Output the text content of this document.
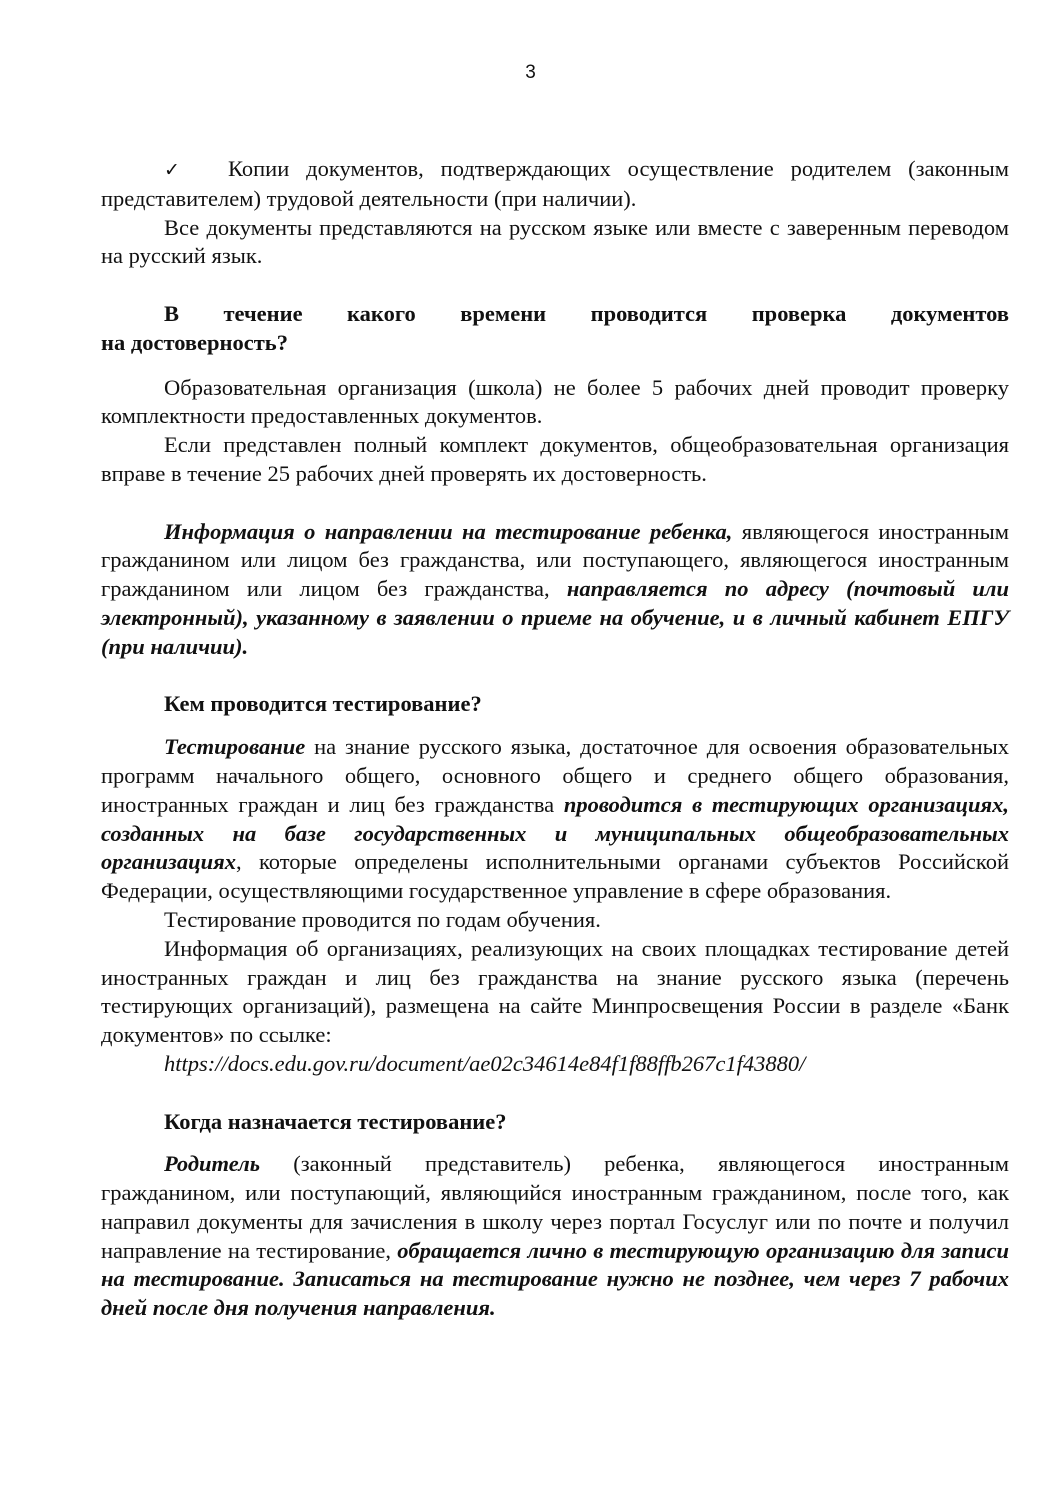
3

✓ Копии документов, подтверждающих осуществление родителем (законным представителем) трудовой деятельности (при наличии).

Все документы представляются на русском языке или вместе с заверенным переводом на русский язык.

В течение какого времени проводится проверка документов

на достоверность?

Образовательная организация (школа) не более 5 рабочих дней проводит проверку комплектности предоставленных документов.

Если представлен полный комплект документов, общеобразовательная организация вправе в течение 25 рабочих дней проверять их достоверность.

Информация о направлении на тестирование ребенка, являющегося иностранным гражданином или лицом без гражданства, или поступающего, являющегося иностранным гражданином или лицом без гражданства, направляется по адресу (почтовый или электронный), указанному в заявлении о приеме на обучение, и в личный кабинет ЕПГУ (при наличии).

Кем проводится тестирование?

Тестирование на знание русского языка, достаточное для освоения образовательных программ начального общего, основного общего и среднего общего образования, иностранных граждан и лиц без гражданства проводится в тестирующих организациях, созданных на базе государственных и муниципальных общеобразовательных организациях, которые определены исполнительными органами субъектов Российской Федерации, осуществляющими государственное управление в сфере образования.

Тестирование проводится по годам обучения.

Информация об организациях, реализующих на своих площадках тестирование детей иностранных граждан и лиц без гражданства на знание русского языка (перечень тестирующих организаций), размещена на сайте Минпросвещения России в разделе «Банк документов» по ссылке:

https://docs.edu.gov.ru/document/ae02c34614e84f1f88ffb267c1f43880/

Когда назначается тестирование?

Родитель (законный представитель) ребенка, являющегося иностранным гражданином, или поступающий, являющийся иностранным гражданином, после того, как направил документы для зачисления в школу через портал Госуслуг или по почте и получил направление на тестирование, обращается лично в тестирующую организацию для записи на тестирование. Записаться на тестирование нужно не позднее, чем через 7 рабочих дней после дня получения направления.
